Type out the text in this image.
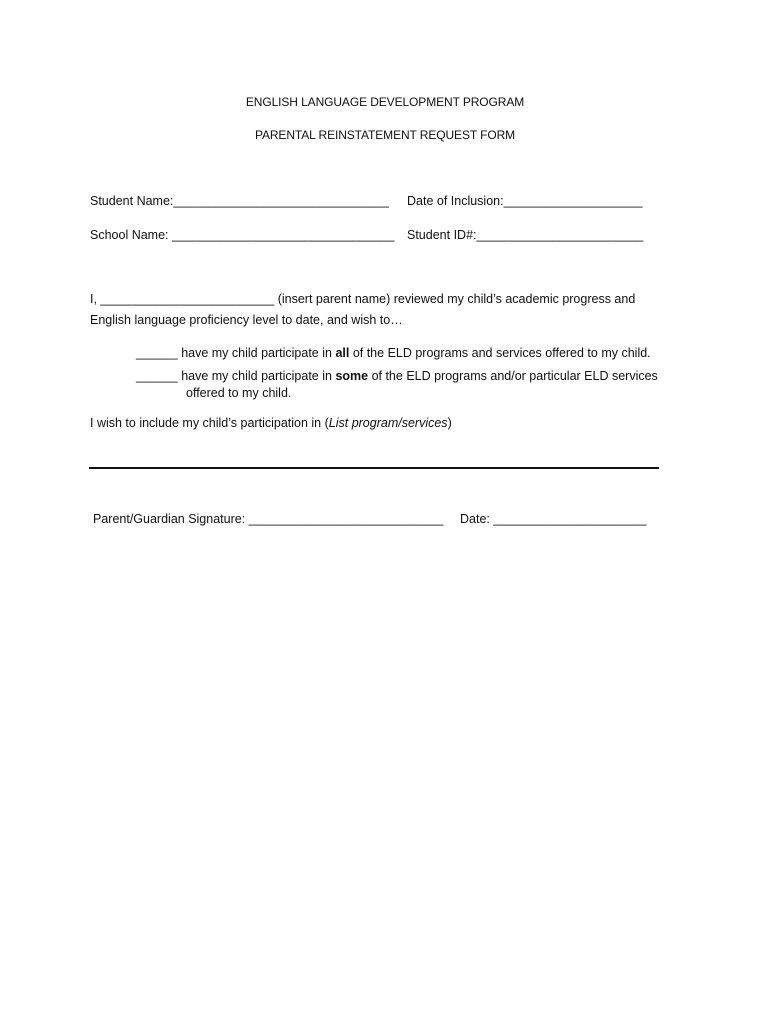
ENGLISH LANGUAGE DEVELOPMENT PROGRAM
PARENTAL REINSTATEMENT REQUEST FORM
Student Name:_______________________________ Date of Inclusion:____________________
School Name: ________________________________ Student ID#:________________________
I, _________________________ (insert parent name) reviewed my child’s academic progress and
English language proficiency level to date, and wish to…
______ have my child participate in all of the ELD programs and services offered to my child.
______ have my child participate in some of the ELD programs and/or particular ELD services
offered to my child.
I wish to include my child’s participation in (List program/services)
Parent/Guardian Signature: ____________________________ Date: ______________________
